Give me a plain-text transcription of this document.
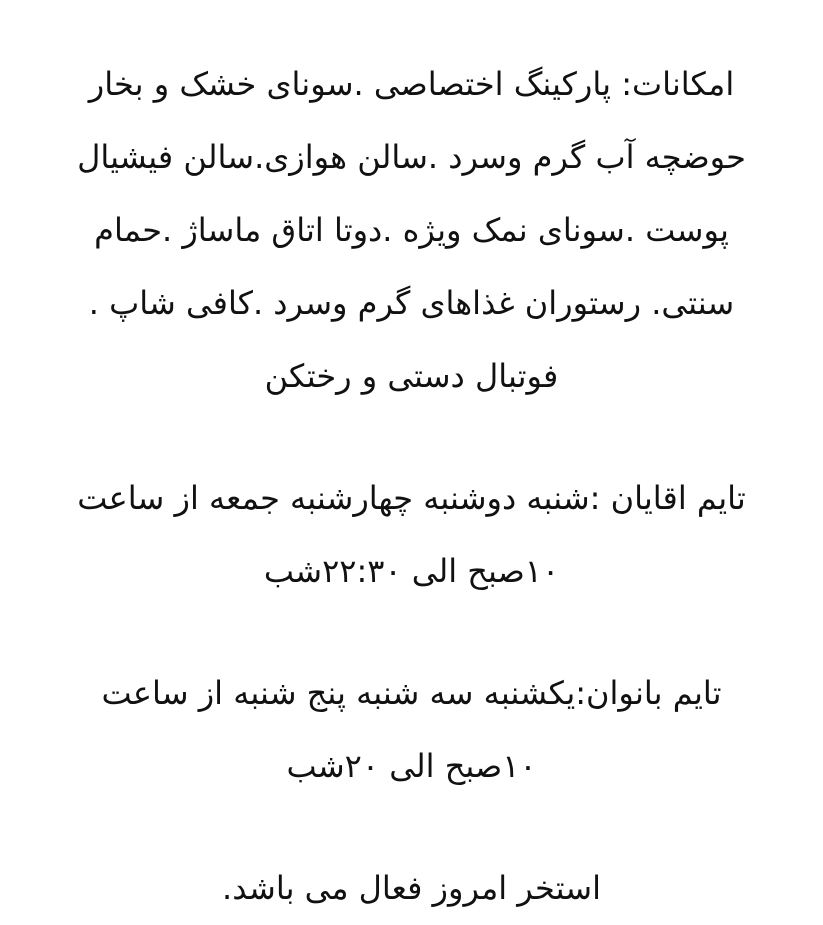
امکانات: پارکینگ اختصاصی .سونای خشک و بخار
حوضچه آب گرم وسرد .سالن هوازی.سالن فیشیال
پوست .سونای نمک ویژه .دوتا اتاق ماساژ .حمام
سنتی. رستوران غذاهای گرم وسرد .کافی شاپ .
فوتبال دستی و رختکن

تایم اقایان :شنبه دوشنبه چهارشنبه جمعه از ساعت
۱۰صبح الی ۲۲:۳۰شب

تایم بانوان:یکشنبه سه شنبه پنج شنبه از ساعت
۱۰صبح الی ۲۰شب

استخر امروز فعال می باشد.
